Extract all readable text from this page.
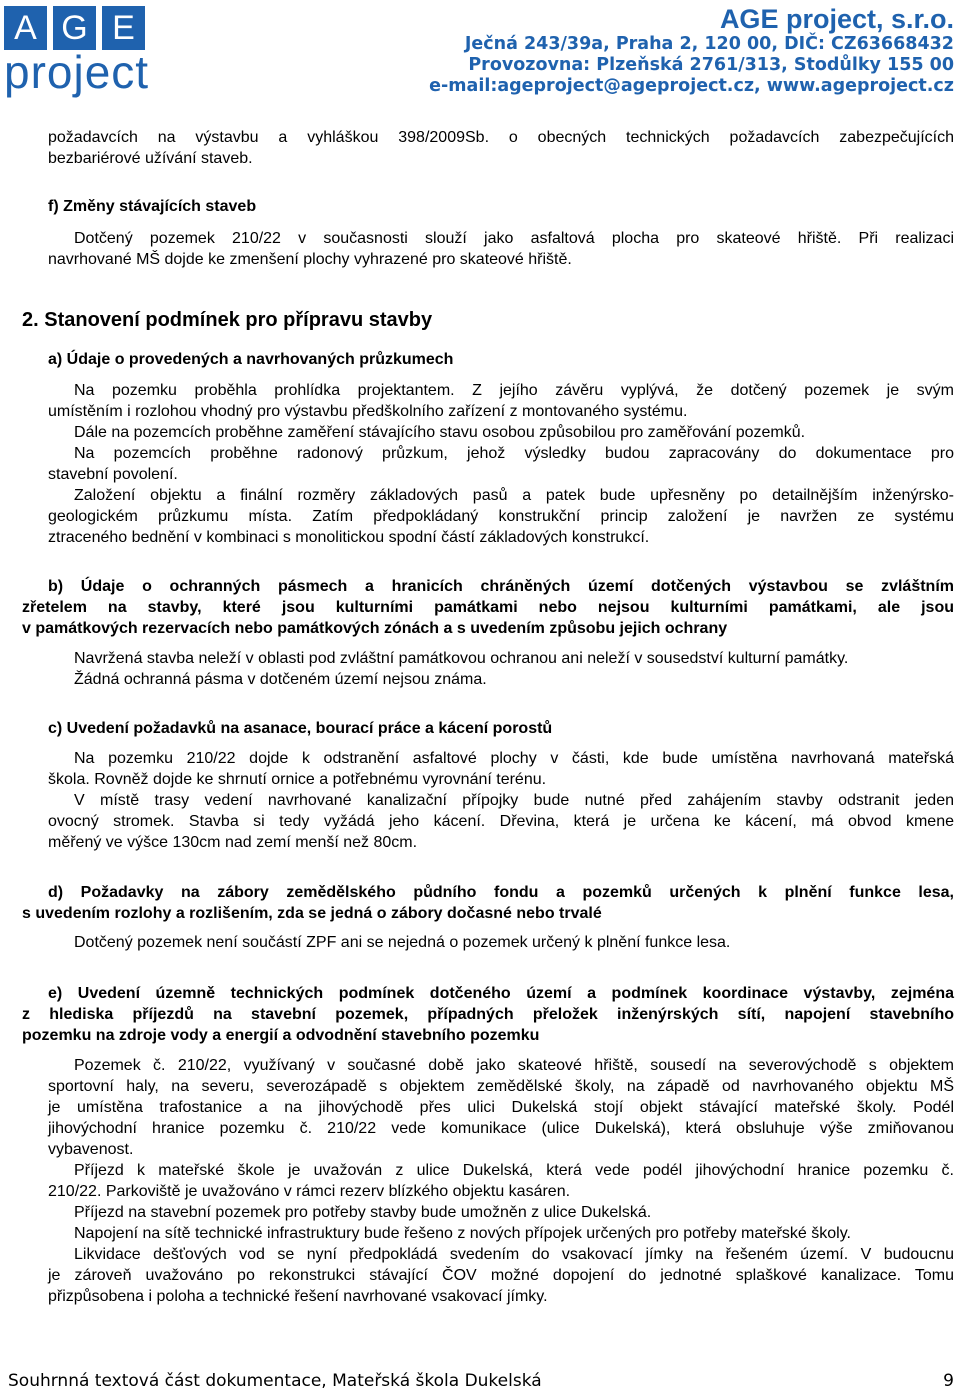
A G E
project
AGE project, s.r.o.
Ječná 243/39a, Praha 2, 120 00, DIČ: CZ63668432
Provozovna: Plzeňská 2761/313, Stodůlky 155 00
e-mail:ageproject@ageproject.cz, www.ageproject.cz
požadavcích na výstavbu a vyhláškou 398/2009Sb. o obecných technických požadavcích zabezpečujících
bezbariérové užívání staveb.
f) Změny stávajících staveb
Dotčený pozemek 210/22 v současnosti slouží jako asfaltová plocha pro skateové hřiště. Při realizaci
navrhované MŠ dojde ke zmenšení plochy vyhrazené pro skateové hřiště.
2. Stanovení podmínek pro přípravu stavby
a) Údaje o provedených a navrhovaných průzkumech
Na pozemku proběhla prohlídka projektantem. Z jejího závěru vyplývá, že dotčený pozemek je svým
umístěním i rozlohou vhodný pro výstavbu předškolního zařízení z montovaného systému.
Dále na pozemcích proběhne zaměření stávajícího stavu osobou způsobilou pro zaměřování pozemků.
Na pozemcích proběhne radonový průzkum, jehož výsledky budou zapracovány do dokumentace pro
stavební povolení.
Založení objektu a finální rozměry základových pasů a patek bude upřesněny po detailnějším inženýrsko-
geologickém průzkumu místa. Zatím předpokládaný konstrukční princip založení je navržen ze systému
ztraceného bednění v kombinaci s monolitickou spodní částí základových konstrukcí.
b) Údaje o ochranných pásmech a hranicích chráněných území dotčených výstavbou se zvláštním
zřetelem na stavby, které jsou kulturními památkami nebo nejsou kulturními památkami, ale jsou
v památkových rezervacích nebo památkových zónách a s uvedením způsobu jejich ochrany
Navržená stavba neleží v oblasti pod zvláštní památkovou ochranou ani neleží v sousedství kulturní památky.
Žádná ochranná pásma v dotčeném území nejsou známa.
c) Uvedení požadavků na asanace, bourací práce a kácení porostů
Na pozemku 210/22 dojde k odstranění asfaltové plochy v části, kde bude umístěna navrhovaná mateřská
škola. Rovněž dojde ke shrnutí ornice a potřebnému vyrovnání terénu.
V místě trasy vedení navrhované kanalizační přípojky bude nutné před zahájením stavby odstranit jeden
ovocný stromek. Stavba si tedy vyžádá jeho kácení. Dřevina, která je určena ke kácení, má obvod kmene
měřený ve výšce 130cm nad zemí menší než 80cm.
d) Požadavky na zábory zemědělského půdního fondu a pozemků určených k plnění funkce lesa,
s uvedením rozlohy a rozlišením, zda se jedná o zábory dočasné nebo trvalé
Dotčený pozemek není součástí ZPF ani se nejedná o pozemek určený k plnění funkce lesa.
e) Uvedení územně technických podmínek dotčeného území a podmínek koordinace výstavby, zejména
z hlediska příjezdů na stavební pozemek, případných přeložek inženýrských sítí, napojení stavebního
pozemku na zdroje vody a energií a odvodnění stavebního pozemku
Pozemek č. 210/22, využívaný v současné době jako skateové hřiště, sousedí na severovýchodě s objektem
sportovní haly, na severu, severozápadě s objektem zemědělské školy, na západě od navrhovaného objektu MŠ
je umístěna trafostanice a na jihovýchodě přes ulici Dukelská stojí objekt stávající mateřské školy. Podél
jihovýchodní hranice pozemku č. 210/22 vede komunikace (ulice Dukelská), která obsluhuje výše zmiňovanou
vybavenost.
Příjezd k mateřské škole je uvažován z ulice Dukelská, která vede podél jihovýchodní hranice pozemku č.
210/22. Parkoviště je uvažováno v rámci rezerv blízkého objektu kasáren.
Příjezd na stavební pozemek pro potřeby stavby bude umožněn z ulice Dukelská.
Napojení na sítě technické infrastruktury bude řešeno z nových přípojek určených pro potřeby mateřské školy.
Likvidace dešťových vod se nyní předpokládá svedením do vsakovací jímky na řešeném území. V budoucnu
je zároveň uvažováno po rekonstrukci stávající ČOV možné dopojení do jednotné splaškové kanalizace. Tomu
přizpůsobena i poloha a technické řešení navrhované vsakovací jímky.
Souhrnná textová část dokumentace, Mateřská škola Dukelská	9
